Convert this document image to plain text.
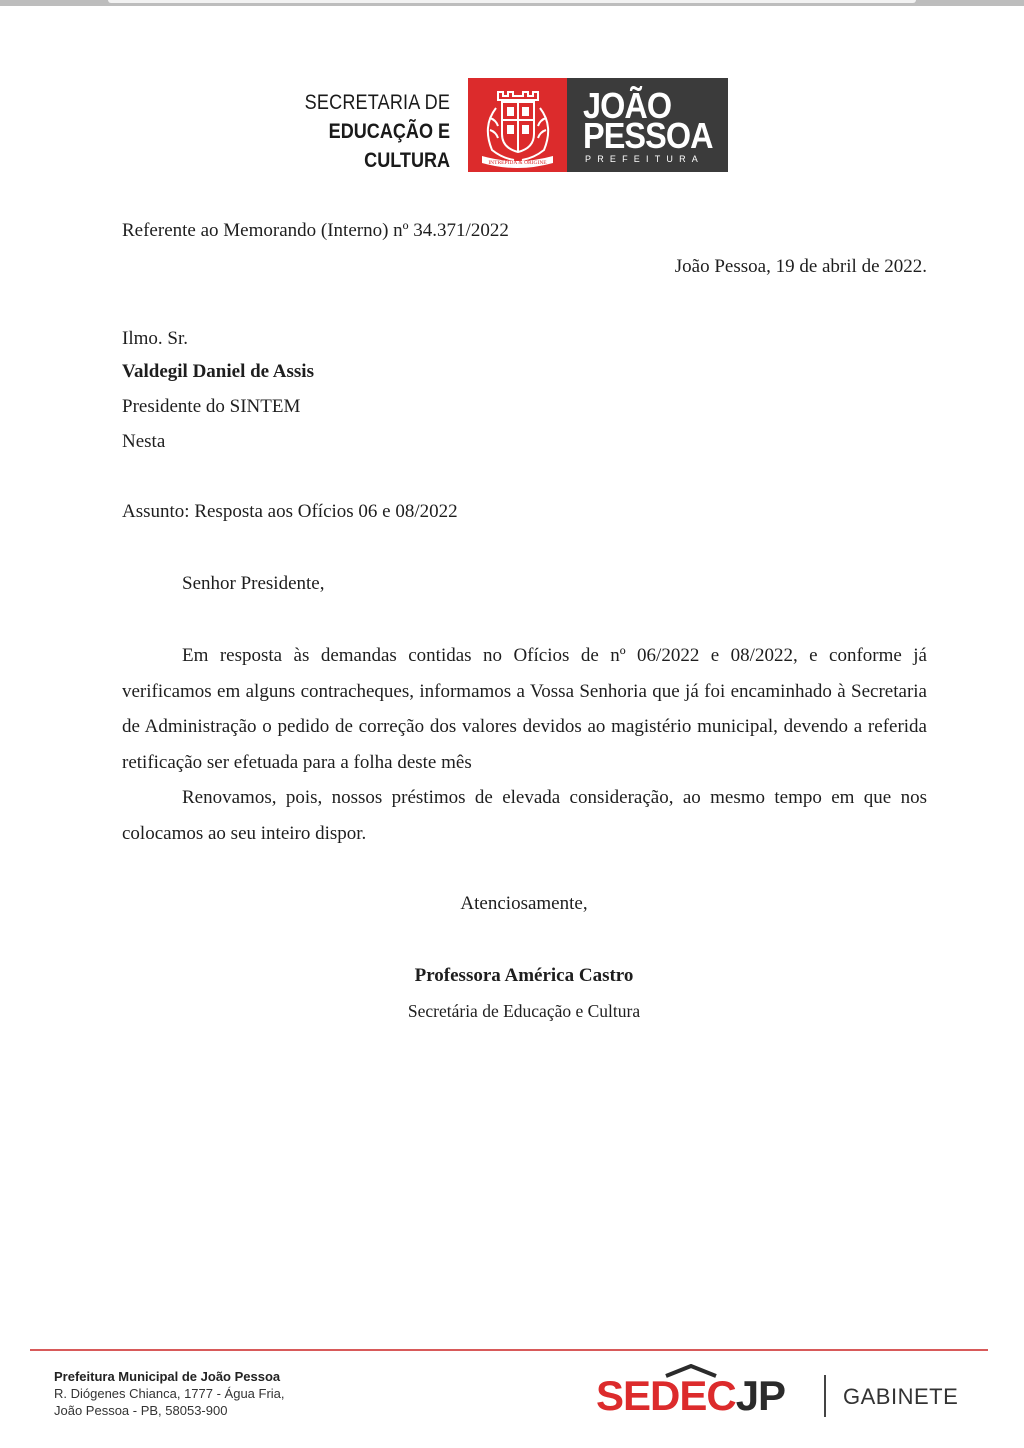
SECRETARIA DE
EDUCAÇÃO E
CULTURA	INTREPIDA & ORIGINE
JOÃO
PESSOA
PREFEITURA
Referente ao Memorando (Interno) nº 34.371/2022
João Pessoa, 19 de abril de 2022.
Ilmo. Sr.
Valdegil Daniel de Assis
Presidente do SINTEM
Nesta
Assunto: Resposta aos Ofícios 06 e 08/2022
Senhor Presidente,
Em resposta às demandas contidas no Ofícios de nº 06/2022 e 08/2022, e conforme já verificamos em alguns contracheques, informamos a Vossa Senhoria que já foi encaminhado à Secretaria de Administração o pedido de correção dos valores devidos ao magistério municipal, devendo a referida retificação ser efetuada para a folha deste mês
Renovamos, pois, nossos préstimos de elevada consideração, ao mesmo tempo em que nos colocamos ao seu inteiro dispor.
Atenciosamente,
Professora América Castro
Secretária de Educação e Cultura
Prefeitura Municipal de João Pessoa
R. Diógenes Chianca, 1777 - Água Fria,
João Pessoa - PB, 58053-900	SEDECJP	GABINETE
